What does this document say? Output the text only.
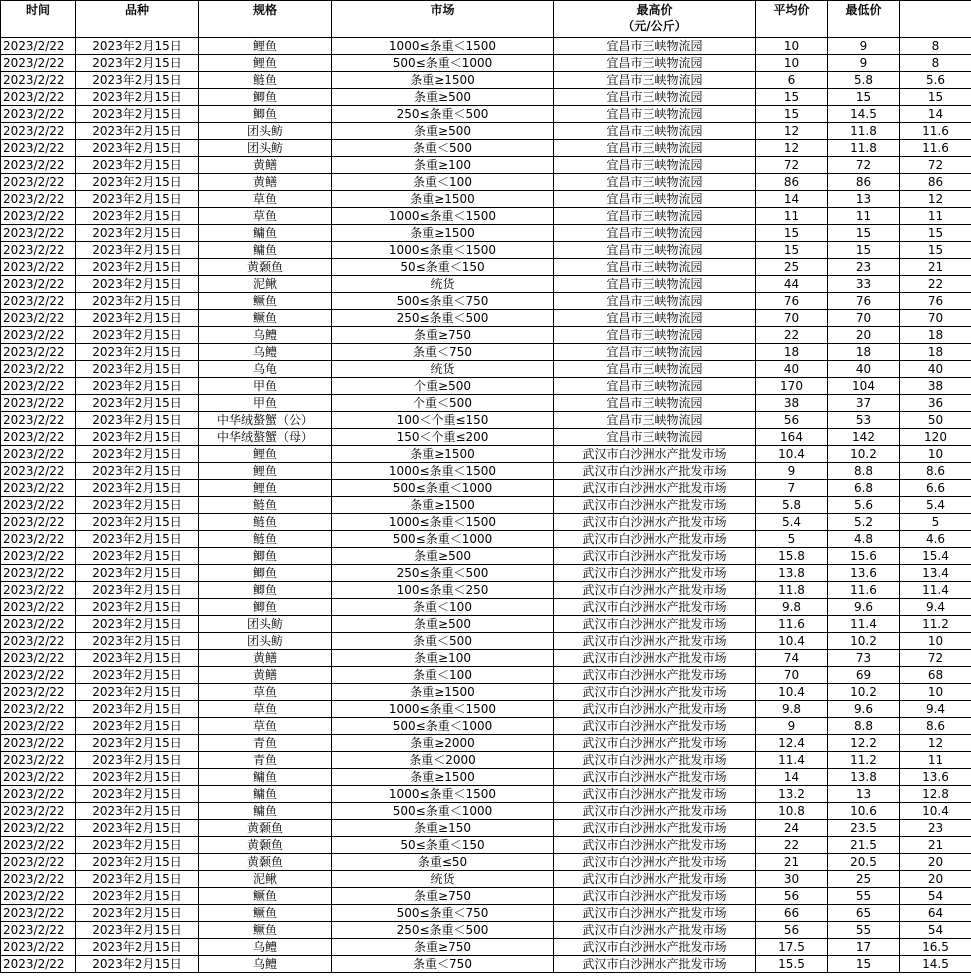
时间	品种	规格	市场	最高价	平均价	最低价	
				（元/公斤）			
2023/2/22	2023年2月15日	鲤鱼	1000≤条重＜1500	宜昌市三峡物流园	10	9	8
2023/2/22	2023年2月15日	鲤鱼	500≤条重＜1000	宜昌市三峡物流园	10	9	8
2023/2/22	2023年2月15日	鲢鱼	条重≥1500	宜昌市三峡物流园	6	5.8	5.6
2023/2/22	2023年2月15日	鲫鱼	条重≥500	宜昌市三峡物流园	15	15	15
2023/2/22	2023年2月15日	鲫鱼	250≤条重＜500	宜昌市三峡物流园	15	14.5	14
2023/2/22	2023年2月15日	团头鲂	条重≥500	宜昌市三峡物流园	12	11.8	11.6
2023/2/22	2023年2月15日	团头鲂	条重＜500	宜昌市三峡物流园	12	11.8	11.6
2023/2/22	2023年2月15日	黄鳝	条重≥100	宜昌市三峡物流园	72	72	72
2023/2/22	2023年2月15日	黄鳝	条重＜100	宜昌市三峡物流园	86	86	86
2023/2/22	2023年2月15日	草鱼	条重≥1500	宜昌市三峡物流园	14	13	12
2023/2/22	2023年2月15日	草鱼	1000≤条重＜1500	宜昌市三峡物流园	11	11	11
2023/2/22	2023年2月15日	鳙鱼	条重≥1500	宜昌市三峡物流园	15	15	15
2023/2/22	2023年2月15日	鳙鱼	1000≤条重＜1500	宜昌市三峡物流园	15	15	15
2023/2/22	2023年2月15日	黄颡鱼	50≤条重＜150	宜昌市三峡物流园	25	23	21
2023/2/22	2023年2月15日	泥鳅	统货	宜昌市三峡物流园	44	33	22
2023/2/22	2023年2月15日	鳜鱼	500≤条重＜750	宜昌市三峡物流园	76	76	76
2023/2/22	2023年2月15日	鳜鱼	250≤条重＜500	宜昌市三峡物流园	70	70	70
2023/2/22	2023年2月15日	乌鳢	条重≥750	宜昌市三峡物流园	22	20	18
2023/2/22	2023年2月15日	乌鳢	条重＜750	宜昌市三峡物流园	18	18	18
2023/2/22	2023年2月15日	乌龟	统货	宜昌市三峡物流园	40	40	40
2023/2/22	2023年2月15日	甲鱼	个重≥500	宜昌市三峡物流园	170	104	38
2023/2/22	2023年2月15日	甲鱼	个重＜500	宜昌市三峡物流园	38	37	36
2023/2/22	2023年2月15日	中华绒螯蟹（公）	100＜个重≤150	宜昌市三峡物流园	56	53	50
2023/2/22	2023年2月15日	中华绒螯蟹（母）	150＜个重≤200	宜昌市三峡物流园	164	142	120
2023/2/22	2023年2月15日	鲤鱼	条重≥1500	武汉市白沙洲水产批发市场	10.4	10.2	10
2023/2/22	2023年2月15日	鲤鱼	1000≤条重＜1500	武汉市白沙洲水产批发市场	9	8.8	8.6
2023/2/22	2023年2月15日	鲤鱼	500≤条重＜1000	武汉市白沙洲水产批发市场	7	6.8	6.6
2023/2/22	2023年2月15日	鲢鱼	条重≥1500	武汉市白沙洲水产批发市场	5.8	5.6	5.4
2023/2/22	2023年2月15日	鲢鱼	1000≤条重＜1500	武汉市白沙洲水产批发市场	5.4	5.2	5
2023/2/22	2023年2月15日	鲢鱼	500≤条重＜1000	武汉市白沙洲水产批发市场	5	4.8	4.6
2023/2/22	2023年2月15日	鲫鱼	条重≥500	武汉市白沙洲水产批发市场	15.8	15.6	15.4
2023/2/22	2023年2月15日	鲫鱼	250≤条重＜500	武汉市白沙洲水产批发市场	13.8	13.6	13.4
2023/2/22	2023年2月15日	鲫鱼	100≤条重＜250	武汉市白沙洲水产批发市场	11.8	11.6	11.4
2023/2/22	2023年2月15日	鲫鱼	条重＜100	武汉市白沙洲水产批发市场	9.8	9.6	9.4
2023/2/22	2023年2月15日	团头鲂	条重≥500	武汉市白沙洲水产批发市场	11.6	11.4	11.2
2023/2/22	2023年2月15日	团头鲂	条重＜500	武汉市白沙洲水产批发市场	10.4	10.2	10
2023/2/22	2023年2月15日	黄鳝	条重≥100	武汉市白沙洲水产批发市场	74	73	72
2023/2/22	2023年2月15日	黄鳝	条重＜100	武汉市白沙洲水产批发市场	70	69	68
2023/2/22	2023年2月15日	草鱼	条重≥1500	武汉市白沙洲水产批发市场	10.4	10.2	10
2023/2/22	2023年2月15日	草鱼	1000≤条重＜1500	武汉市白沙洲水产批发市场	9.8	9.6	9.4
2023/2/22	2023年2月15日	草鱼	500≤条重＜1000	武汉市白沙洲水产批发市场	9	8.8	8.6
2023/2/22	2023年2月15日	青鱼	条重≥2000	武汉市白沙洲水产批发市场	12.4	12.2	12
2023/2/22	2023年2月15日	青鱼	条重＜2000	武汉市白沙洲水产批发市场	11.4	11.2	11
2023/2/22	2023年2月15日	鳙鱼	条重≥1500	武汉市白沙洲水产批发市场	14	13.8	13.6
2023/2/22	2023年2月15日	鳙鱼	1000≤条重＜1500	武汉市白沙洲水产批发市场	13.2	13	12.8
2023/2/22	2023年2月15日	鳙鱼	500≤条重＜1000	武汉市白沙洲水产批发市场	10.8	10.6	10.4
2023/2/22	2023年2月15日	黄颡鱼	条重≥150	武汉市白沙洲水产批发市场	24	23.5	23
2023/2/22	2023年2月15日	黄颡鱼	50≤条重＜150	武汉市白沙洲水产批发市场	22	21.5	21
2023/2/22	2023年2月15日	黄颡鱼	条重≤50	武汉市白沙洲水产批发市场	21	20.5	20
2023/2/22	2023年2月15日	泥鳅	统货	武汉市白沙洲水产批发市场	30	25	20
2023/2/22	2023年2月15日	鳜鱼	条重≥750	武汉市白沙洲水产批发市场	56	55	54
2023/2/22	2023年2月15日	鳜鱼	500≤条重＜750	武汉市白沙洲水产批发市场	66	65	64
2023/2/22	2023年2月15日	鳜鱼	250≤条重＜500	武汉市白沙洲水产批发市场	56	55	54
2023/2/22	2023年2月15日	乌鳢	条重≥750	武汉市白沙洲水产批发市场	17.5	17	16.5
2023/2/22	2023年2月15日	乌鳢	条重＜750	武汉市白沙洲水产批发市场	15.5	15	14.5
